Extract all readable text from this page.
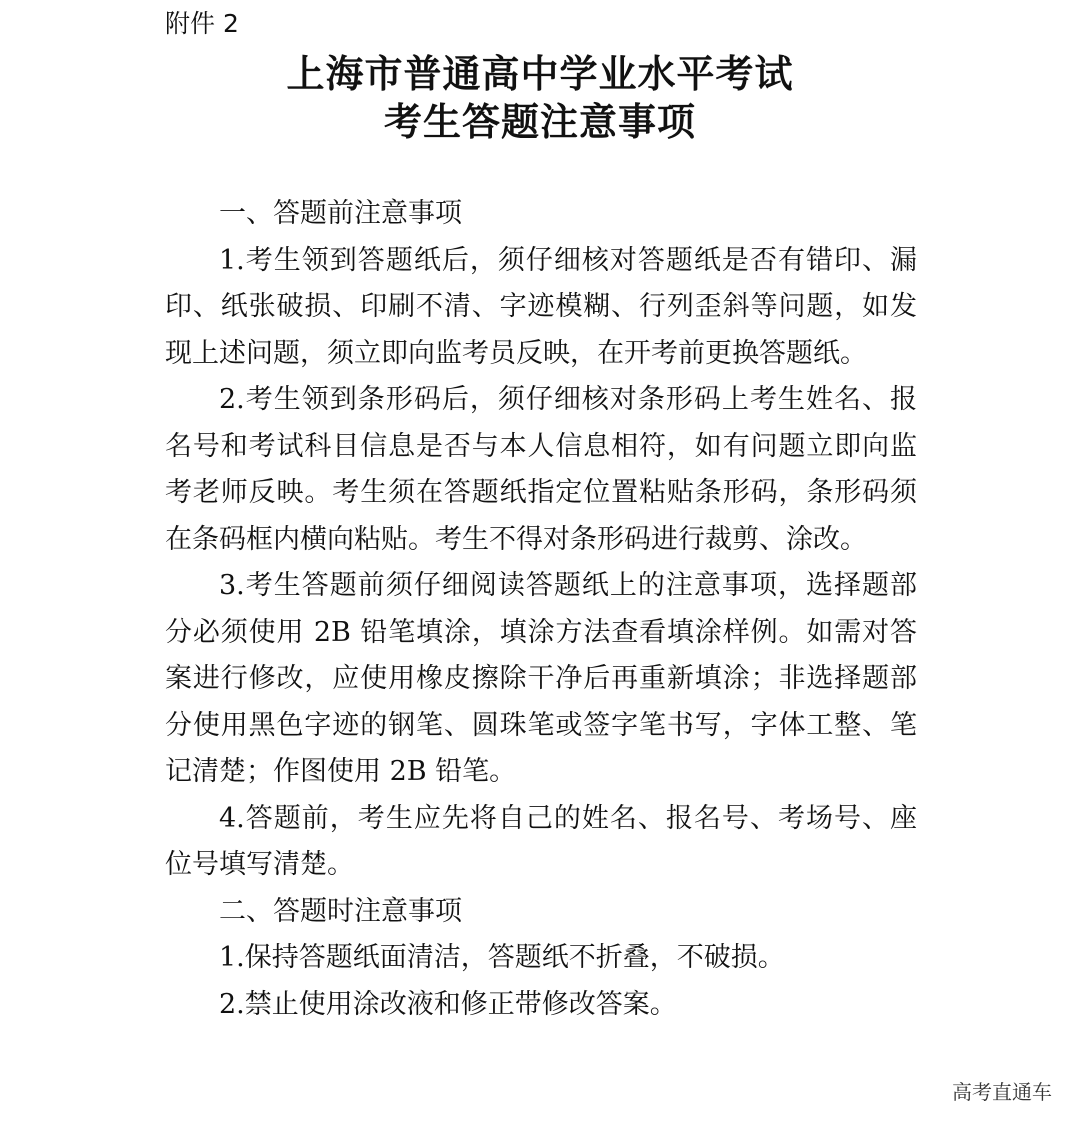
附件 2
上海市普通高中学业水平考试
考生答题注意事项

一、答题前注意事项

1.考生领到答题纸后，须仔细核对答题纸是否有错印、漏印、纸张破损、印刷不清、字迹模糊、行列歪斜等问题，如发现上述问题，须立即向监考员反映，在开考前更换答题纸。

2.考生领到条形码后，须仔细核对条形码上考生姓名、报名号和考试科目信息是否与本人信息相符，如有问题立即向监考老师反映。考生须在答题纸指定位置粘贴条形码，条形码须在条码框内横向粘贴。考生不得对条形码进行裁剪、涂改。

3.考生答题前须仔细阅读答题纸上的注意事项，选择题部分必须使用 2B 铅笔填涂，填涂方法查看填涂样例。如需对答案进行修改，应使用橡皮擦除干净后再重新填涂；非选择题部分使用黑色字迹的钢笔、圆珠笔或签字笔书写，字体工整、笔记清楚；作图使用 2B 铅笔。

4.答题前，考生应先将自己的姓名、报名号、考场号、座位号填写清楚。

二、答题时注意事项

1.保持答题纸面清洁，答题纸不折叠，不破损。

2.禁止使用涂改液和修正带修改答案。

高考直通车
